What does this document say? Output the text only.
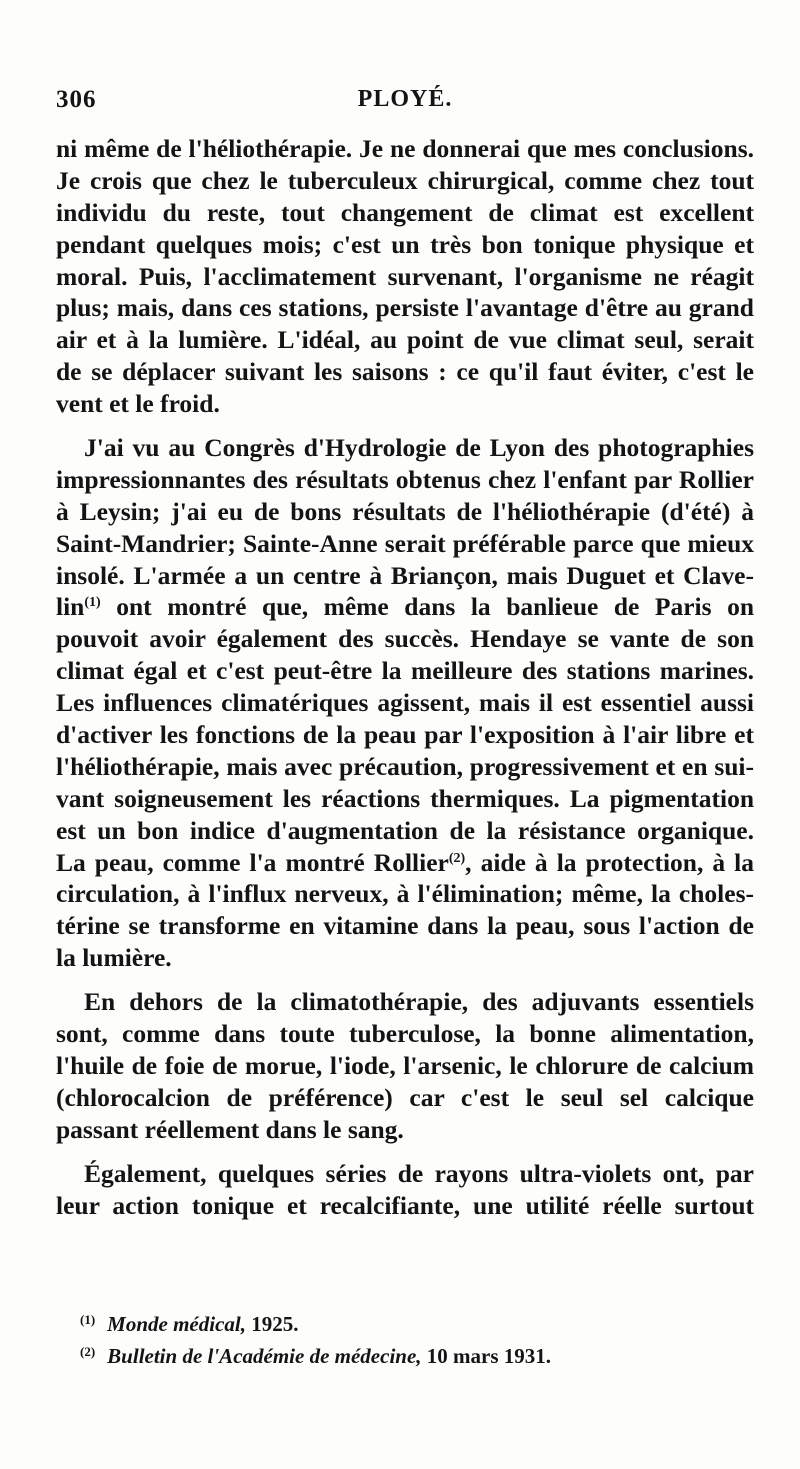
306	PLOYÉ.
ni même de l'héliothérapie. Je ne donnerai que mes conclusions.
Je crois que chez le tuberculeux chirurgical, comme chez tout
individu du reste, tout changement de climat est excellent
pendant quelques mois; c'est un très bon tonique physique et
moral. Puis, l'acclimatement survenant, l'organisme ne réagit
plus; mais, dans ces stations, persiste l'avantage d'être au grand
air et à la lumière. L'idéal, au point de vue climat seul, serait
de se déplacer suivant les saisons : ce qu'il faut éviter, c'est le
vent et le froid.
J'ai vu au Congrès d'Hydrologie de Lyon des photographies
impressionnantes des résultats obtenus chez l'enfant par Rollier
à Leysin; j'ai eu de bons résultats de l'héliothérapie (d'été) à
Saint-Mandrier; Sainte-Anne serait préférable parce que mieux
insolé. L'armée a un centre à Briançon, mais Duguet et Clave-
lin$^{(1)}$ ont montré que, même dans la banlieue de Paris on
pouvoit avoir également des succès. Hendaye se vante de son
climat égal et c'est peut-être la meilleure des stations marines.
Les influences climatériques agissent, mais il est essentiel aussi
d'activer les fonctions de la peau par l'exposition à l'air libre et
l'héliothérapie, mais avec précaution, progressivement et en sui-
vant soigneusement les réactions thermiques. La pigmentation
est un bon indice d'augmentation de la résistance organique.
La peau, comme l'a montré Rollier$^{(2)}$, aide à la protection, à la
circulation, à l'influx nerveux, à l'élimination; même, la choles-
térine se transforme en vitamine dans la peau, sous l'action de
la lumière.
En dehors de la climatothérapie, des adjuvants essentiels
sont, comme dans toute tuberculose, la bonne alimentation,
l'huile de foie de morue, l'iode, l'arsenic, le chlorure de calcium
(chlorocalcion de préférence) car c'est le seul sel calcique
passant réellement dans le sang.
Également, quelques séries de rayons ultra-violets ont, par
leur action tonique et recalcifiante, une utilité réelle surtout
$^{(1)}$ Monde médical, 1925.
$^{(2)}$ Bulletin de l'Académie de médecine, 10 mars 1931.
